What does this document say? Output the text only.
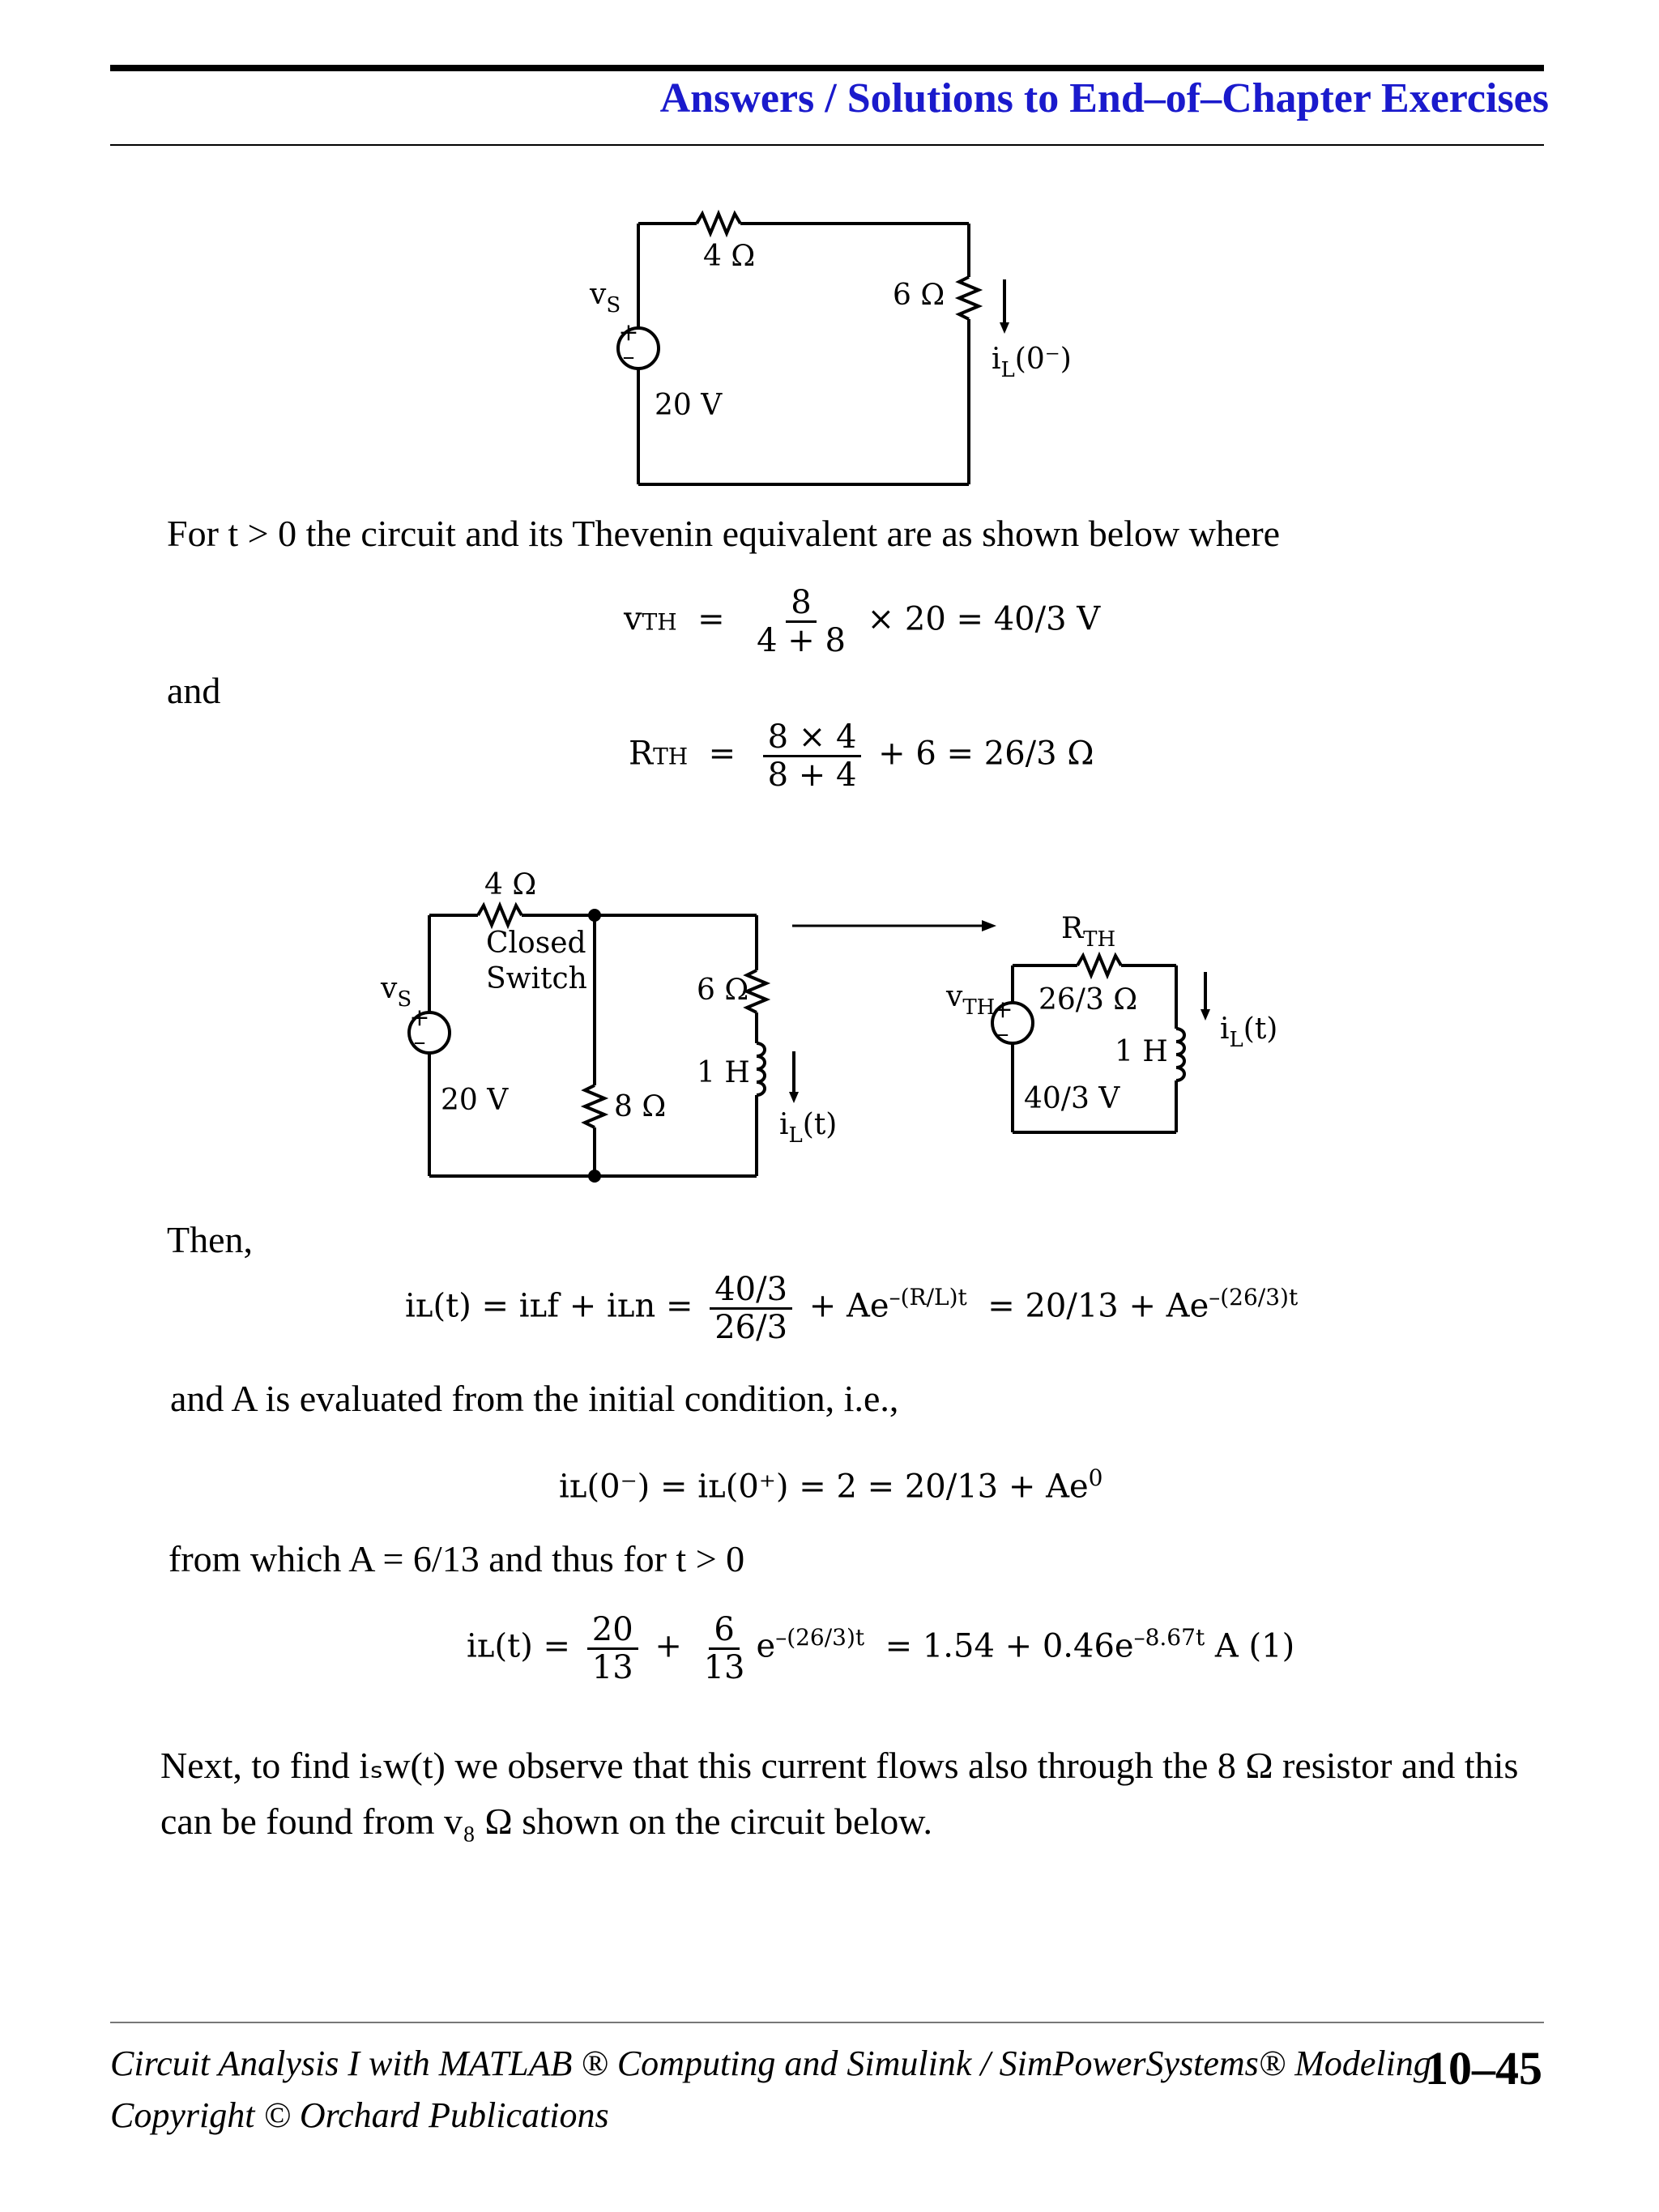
Answers / Solutions to End–of–Chapter Exercises
+
–
4 Ω
$v_S$
20 V
6 Ω
$i_L(0^-)$
For t > 0 the circuit and its Thevenin equivalent are as shown below where
vTH  = $\frac{8}{4 + 8} \times 20 = 40/3$ V
and
RTH  = $\frac{8 \times 4}{8 + 4} + 6 = 26/3$ Ω
+
–
4 Ω
Closed
Switch
$v_S$
20 V
6 Ω
1 H
8 Ω
$i_L(t)$
+
–
$R_{TH}$
$v_{TH}$ 26/3 Ω
1 H
40/3 V
$i_L(t)$
Then,
iʟ(t) = iʟf + iʟn = $\frac{40/3}{26/3} + Ae^{-(R/L)t} = 20/13 + Ae^{-(26/3)t}$
and A is evaluated from the initial condition, i.e.,
iʟ(0⁻) = iʟ(0⁺) = $2 = 20/13 + Ae^0$
from which A = 6/13 and thus for t > 0
iʟ(t) = $\frac{20}{13} + \frac{6}{13} e^{-(26/3)t} = 1.54 + 0.46e^{-8.67t}$ A (1)
Next, to find iₛᴡ(t) we observe that this current flows also through the 8 Ω resistor and this
can be found from v₈ Ω shown on the circuit below.
Circuit Analysis I with MATLAB ® Computing and Simulink / SimPowerSystems® Modeling
Copyright © Orchard Publications
10–45
